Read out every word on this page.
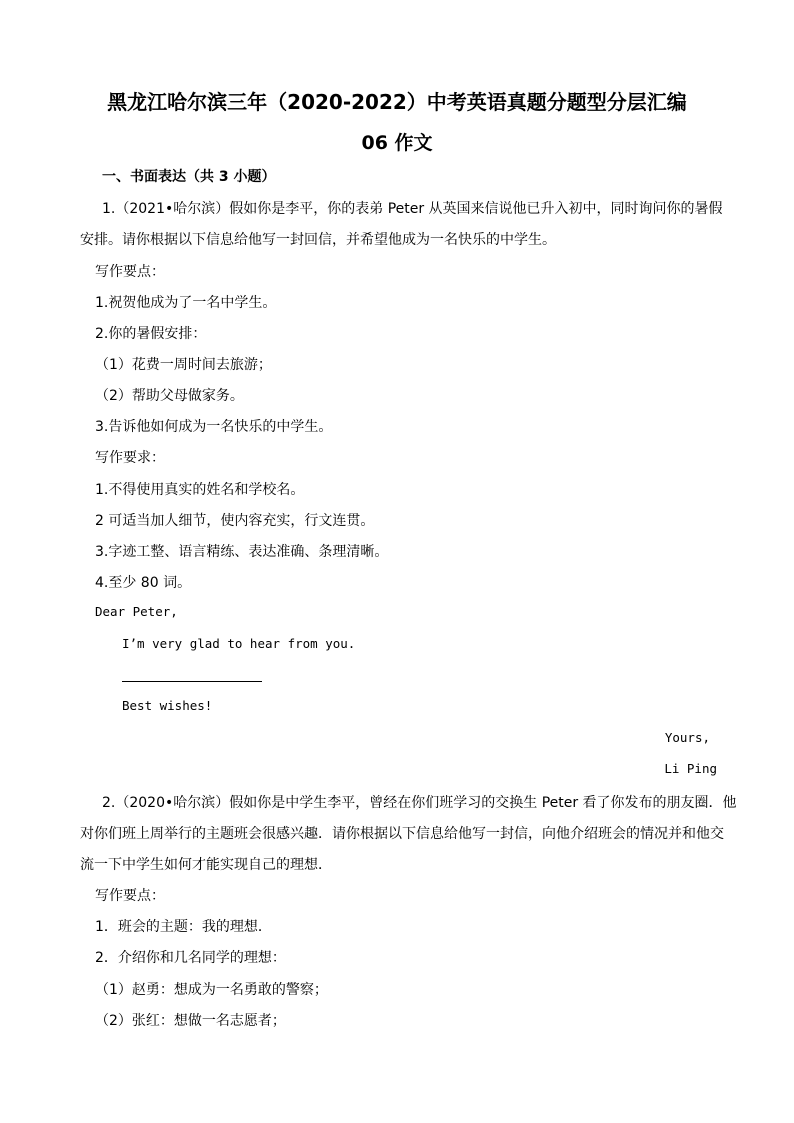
黑龙江哈尔滨三年（2020-2022）中考英语真题分题型分层汇编
06 作文
一、书面表达（共 3 小题）
1.（2021•哈尔滨）假如你是李平，你的表弟 Peter 从英国来信说他已升入初中，同时询问你的暑假
安排。请你根据以下信息给他写一封回信，并希望他成为一名快乐的中学生。
写作要点：
1.祝贺他成为了一名中学生。
2.你的暑假安排：
（1）花费一周时间去旅游；
（2）帮助父母做家务。
3.告诉他如何成为一名快乐的中学生。
写作要求：
1.不得使用真实的姓名和学校名。
2 可适当加人细节，使内容充实，行文连贯。
3.字迹工整、语言精练、表达准确、条理清晰。
4.至少 80 词。
Dear Peter,
I’m very glad to hear from you.
Best wishes!
Yours,
Li Ping
2.（2020•哈尔滨）假如你是中学生李平，曾经在你们班学习的交换生 Peter 看了你发布的朋友圈．他
对你们班上周举行的主题班会很感兴趣．请你根据以下信息给他写一封信，向他介绍班会的情况并和他交
流一下中学生如何才能实现自己的理想．
写作要点：
1．班会的主题：我的理想．
2．介绍你和几名同学的理想：
（1）赵勇：想成为一名勇敢的警察；
（2）张红：想做一名志愿者；
